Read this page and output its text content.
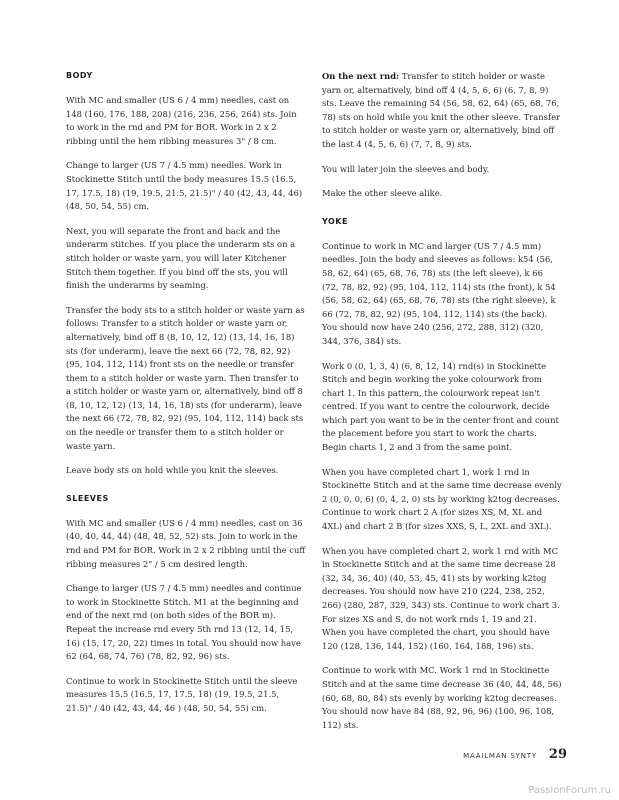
BODY

With MC and smaller (US 6 / 4 mm) needles, cast on 148 (160, 176, 188, 208) (216, 236, 256, 264) sts. Join to work in the rnd and PM for BOR. Work in 2 x 2 ribbing until the hem ribbing measures 3" / 8 cm.

Change to larger (US 7 / 4.5 mm) needles. Work in Stockinette Stitch until the body measures 15.5 (16.5, 17, 17.5, 18) (19, 19.5, 21.5, 21.5)" / 40 (42, 43, 44, 46) (48, 50, 54, 55) cm.

Next, you will separate the front and back and the underarm stitches. If you place the underarm sts on a stitch holder or waste yarn, you will later Kitchener Stitch them together. If you bind off the sts, you will finish the underarms by seaming.

Transfer the body sts to a stitch holder or waste yarn as follows: Transfer to a stitch holder or waste yarn or, alternatively, bind off 8 (8, 10, 12, 12) (13, 14, 16, 18) sts (for underarm), leave the next 66 (72, 78, 82, 92) (95, 104, 112, 114) front sts on the needle or transfer them to a stitch holder or waste yarn. Then transfer to a stitch holder or waste yarn or, alternatively, bind off 8 (8, 10, 12, 12) (13, 14, 16, 18) sts (for underarm), leave the next 66 (72, 78, 82, 92) (95, 104, 112, 114) back sts on the needle or transfer them to a stitch holder or waste yarn.

Leave body sts on hold while you knit the sleeves.

SLEEVES

With MC and smaller (US 6 / 4 mm) needles, cast on 36 (40, 40, 44, 44) (48, 48, 52, 52) sts. Join to work in the rnd and PM for BOR. Work in 2 x 2 ribbing until the cuff ribbing measures 2" / 5 cm desired length.

Change to larger (US 7 / 4.5 mm) needles and continue to work in Stockinette Stitch. M1 at the beginning and end of the next rnd (on both sides of the BOR m). Repeat the increase rnd every 5th rnd 13 (12, 14, 15, 16) (15, 17, 20, 22) times in total. You should now have 62 (64, 68, 74, 76) (78, 82, 92, 96) sts.

Continue to work in Stockinette Stitch until the sleeve measures 15.5 (16.5, 17, 17.5, 18) (19, 19.5, 21.5, 21.5)" / 40 (42, 43, 44, 46 ) (48, 50, 54, 55) cm.

On the next rnd: Transfer to stitch holder or waste yarn or, alternatively, bind off 4 (4, 5, 6, 6) (6, 7, 8, 9) sts. Leave the remaining 54 (56, 58, 62, 64) (65, 68, 76, 78) sts on hold while you knit the other sleeve. Transfer to stitch holder or waste yarn or, alternatively, bind off the last 4 (4, 5, 6, 6) (7, 7, 8, 9) sts.

You will later join the sleeves and body.

Make the other sleeve alike.

YOKE

Continue to work in MC and larger (US 7 / 4.5 mm) needles. Join the body and sleeves as follows: k54 (56, 58, 62, 64) (65, 68, 76, 78) sts (the left sleeve), k 66 (72, 78, 82, 92) (95, 104, 112, 114) sts (the front), k 54 (56, 58, 62, 64) (65, 68, 76, 78) sts (the right sleeve), k 66 (72, 78, 82, 92) (95, 104, 112, 114) sts (the back). You should now have 240 (256, 272, 288, 312) (320, 344, 376, 384) sts.

Work 0 (0, 1, 3, 4) (6, 8, 12, 14) rnd(s) in Stockinette Stitch and begin working the yoke colourwork from chart 1. In this pattern, the colourwork repeat isn't centred. If you want to centre the colourwork, decide which part you want to be in the center front and count the placement before you start to work the charts. Begin charts 1, 2 and 3 from the same point.

When you have completed chart 1, work 1 rnd in Stockinette Stitch and at the same time decrease evenly 2 (0, 0, 0, 6) (0, 4, 2, 0) sts by working k2tog decreases. Continue to work chart 2 A (for sizes XS, M, XL and 4XL) and chart 2 B (for sizes XXS, S, L, 2XL and 3XL).

When you have completed chart 2, work 1 rnd with MC in Stockinette Stitch and at the same time decrease 28 (32, 34, 36, 40) (40, 53, 45, 41) sts by working k2tog decreases. You should now have 210 (224, 238, 252, 266) (280, 287, 329, 343) sts. Continue to work chart 3. For sizes XS and S, do not work rnds 1, 19 and 21. When you have completed the chart, you should have 120 (128, 136, 144, 152) (160, 164, 188, 196) sts.

Continue to work with MC. Work 1 rnd in Stockinette Stitch and at the same time decrease 36 (40, 44, 48, 56) (60, 68, 80, 84) sts evenly by working k2tog decreases. You should now have 84 (88, 92, 96, 96) (100, 96, 108, 112) sts.

MAAILMAN SYNTY 29
PassionForum.ru
